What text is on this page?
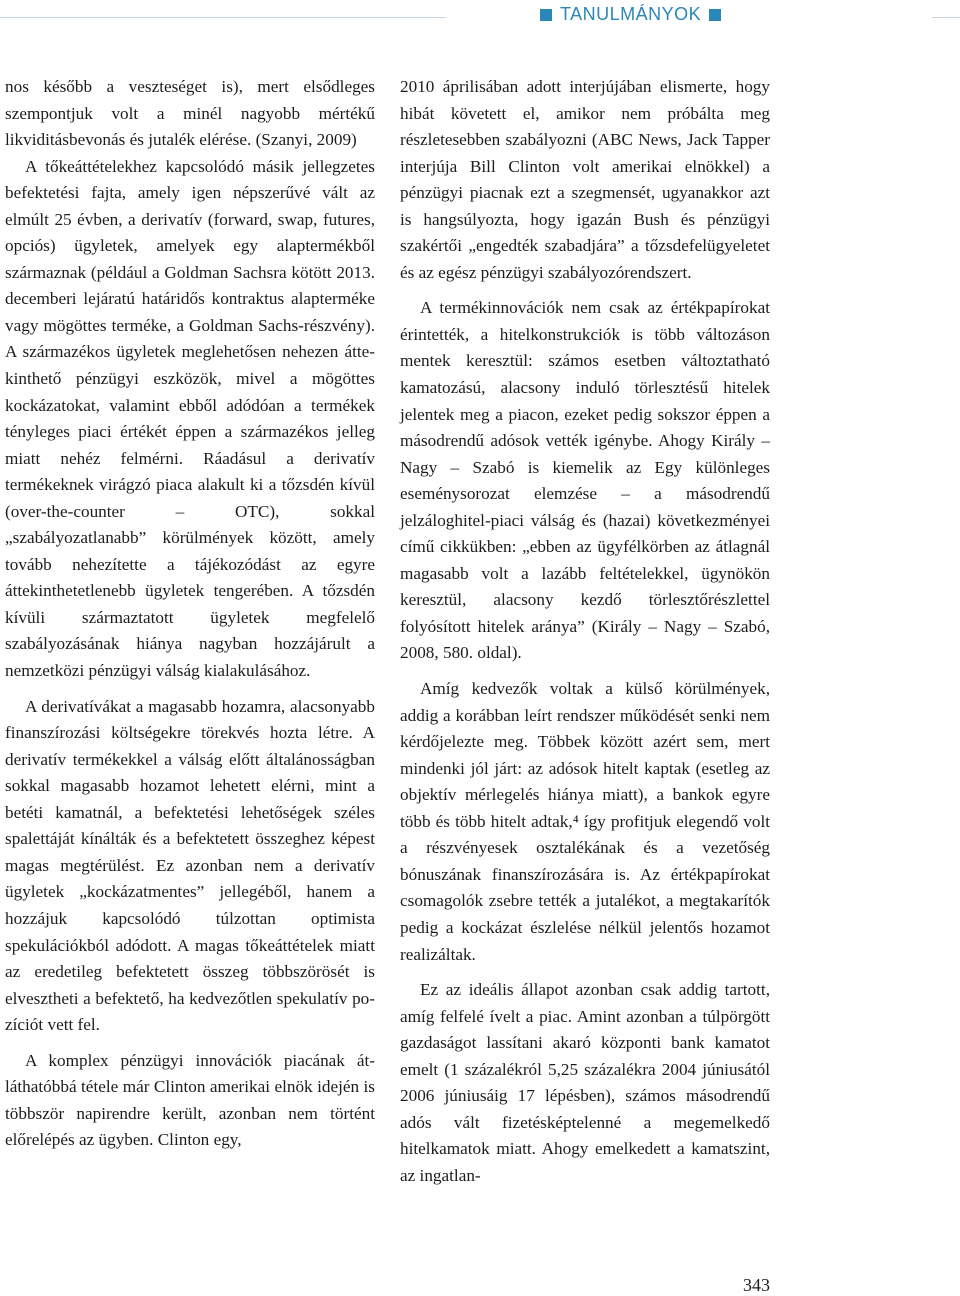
TANULMÁNYOK

nos később a veszteséget is), mert elsődleges szempontjuk volt a minél nagyobb mértékű likviditásbevonás és jutalék elérése. (Szanyi, 2009)

A tőkeáttételekhez kapcsolódó másik jellegzetes befektetési fajta, amely igen népszerűvé vált az elmúlt 25 évben, a derivatív (forward, swap, futures, opciós) ügyletek, amelyek egy alaptermékből származnak (például a Goldman Sachsra kötött 2013. decemberi lejáratú határidős kontraktus alapterméke vagy mögöttes terméke, a Goldman Sachs-részvény). A származékos ügyletek meglehetősen nehezen áttekinthető pénzügyi eszközök, mivel a mögöttes kockázatokat, valamint ebből adódóan a termékek tényleges piaci értékét éppen a származékos jelleg miatt nehéz felmérni. Ráadásul a derivatív termékeknek virágzó piaca alakult ki a tőzsdén kívül (over-the-counter – OTC), sokkal „szabályozatlanabb” körülmények között, amely tovább nehezítette a tájékozódást az egyre áttekinthetetlenebb ügyletek tengerében. A tőzsdén kívüli származtatott ügyletek megfelelő szabályozásának hiánya nagyban hozzájárult a nemzetközi pénzügyi válság kialakulásához.

A derivatívákat a magasabb hozamra, alacsonyabb finanszírozási költségekre törekvés hozta létre. A derivatív termékekkel a válság előtt általánosságban sokkal magasabb hozamot lehetett elérni, mint a betéti kamatnál, a befektetési lehetőségek széles spalettáját kínálták és a befektetett összeghez képest magas megtérülést. Ez azonban nem a derivatív ügyletek „kockázatmentes” jellegéből, hanem a hozzájuk kapcsolódó túlzottan optimista spekulációkból adódott. A magas tőkeáttételek miatt az eredetileg befektetett összeg többszörösét is elvesztheti a befektető, ha kedvezőtlen spekulatív pozíciót vett fel.

A komplex pénzügyi innovációk piacának átláthatóbbá tétele már Clinton amerikai elnök idején is többször napirendre került, azonban nem történt előrelépés az ügyben. Clinton egy,

2010 áprilisában adott interjújában elismerte, hogy hibát követett el, amikor nem próbálta meg részletesebben szabályozni (ABC News, Jack Tapper interjúja Bill Clinton volt amerikai elnökkel) a pénzügyi piacnak ezt a szegmensét, ugyanakkor azt is hangsúlyozta, hogy igazán Bush és pénzügyi szakértői „engedték szabadjára” a tőzsdefelügyeletet és az egész pénzügyi szabályozórendszert.

A termékinnovációk nem csak az értékpapírokat érintették, a hitelkonstrukciók is több változáson mentek keresztül: számos esetben változtatható kamatozású, alacsony induló törlesztésű hitelek jelentek meg a piacon, ezeket pedig sokszor éppen a másodrendű adósok vették igénybe. Ahogy Király – Nagy – Szabó is kiemelik az Egy különleges eseménysorozat elemzése – a másodrendű jelzáloghitel-piaci válság és (hazai) következményei című cikkükben: „ebben az ügyfélkörben az átlagnál magasabb volt a lazább feltételekkel, ügynökön keresztül, alacsony kezdő törlesztőrészlettel folyósított hitelek aránya” (Király – Nagy – Szabó, 2008, 580. oldal).

Amíg kedvezők voltak a külső körülmények, addig a korábban leírt rendszer működését senki nem kérdőjelezte meg. Többek között azért sem, mert mindenki jól járt: az adósok hitelt kaptak (esetleg az objektív mérlegelés hiánya miatt), a bankok egyre több és több hitelt adtak,⁴ így profitjuk elegendő volt a részvényesek osztalékának és a vezetőség bónuszának finanszírozására is. Az értékpapírokat csomagolók zsebre tették a jutalékot, a megtakarítók pedig a kockázat észlelése nélkül jelentős hozamot realizáltak.

Ez az ideális állapot azonban csak addig tartott, amíg felfelé ívelt a piac. Amint azonban a túlpörgött gazdaságot lassítani akaró központi bank kamatot emelt (1 százalékról 5,25 százalékra 2004 júniusától 2006 júniusáig 17 lépésben), számos másodrendű adós vált fizetésképtelenné a megemelkedő hitelkamatok miatt. Ahogy emelkedett a kamatszint, az ingatlan-

343
